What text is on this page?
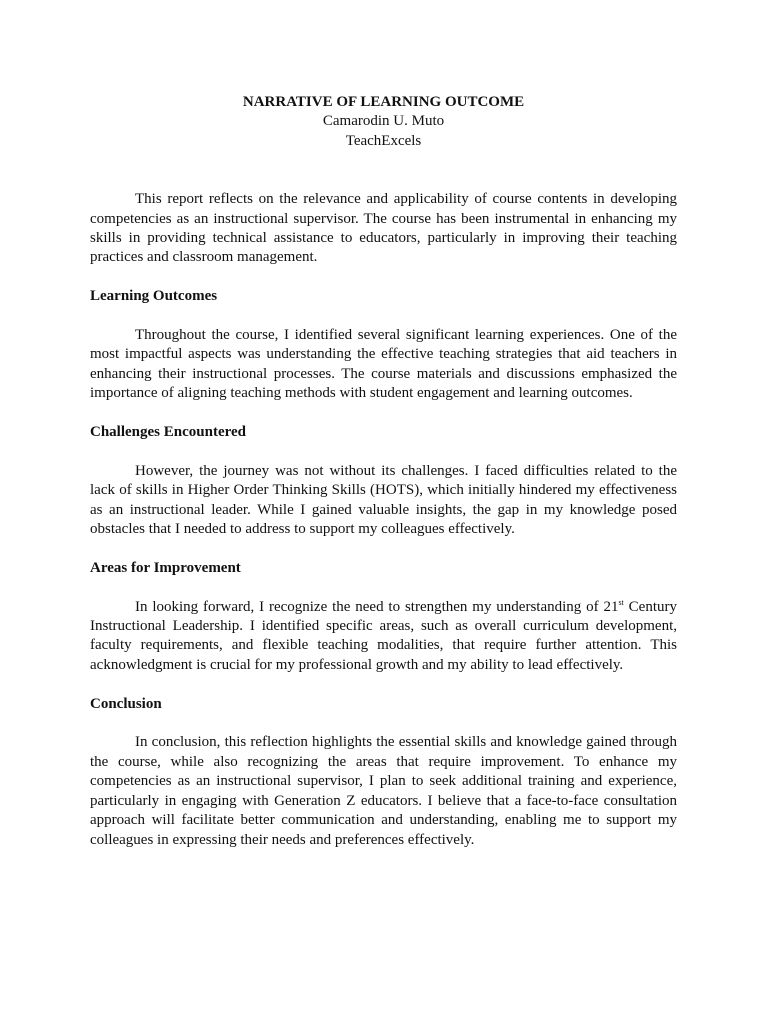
NARRATIVE OF LEARNING OUTCOME
Camarodin U. Muto
TeachExcels

This report reflects on the relevance and applicability of course contents in developing competencies as an instructional supervisor. The course has been instrumental in enhancing my skills in providing technical assistance to educators, particularly in improving their teaching practices and classroom management.

Learning Outcomes

Throughout the course, I identified several significant learning experiences. One of the most impactful aspects was understanding the effective teaching strategies that aid teachers in enhancing their instructional processes. The course materials and discussions emphasized the importance of aligning teaching methods with student engagement and learning outcomes.

Challenges Encountered

However, the journey was not without its challenges. I faced difficulties related to the lack of skills in Higher Order Thinking Skills (HOTS), which initially hindered my effectiveness as an instructional leader. While I gained valuable insights, the gap in my knowledge posed obstacles that I needed to address to support my colleagues effectively.

Areas for Improvement

In looking forward, I recognize the need to strengthen my understanding of 21st Century Instructional Leadership. I identified specific areas, such as overall curriculum development, faculty requirements, and flexible teaching modalities, that require further attention. This acknowledgment is crucial for my professional growth and my ability to lead effectively.

Conclusion

In conclusion, this reflection highlights the essential skills and knowledge gained through the course, while also recognizing the areas that require improvement. To enhance my competencies as an instructional supervisor, I plan to seek additional training and experience, particularly in engaging with Generation Z educators. I believe that a face-to-face consultation approach will facilitate better communication and understanding, enabling me to support my colleagues in expressing their needs and preferences effectively.
